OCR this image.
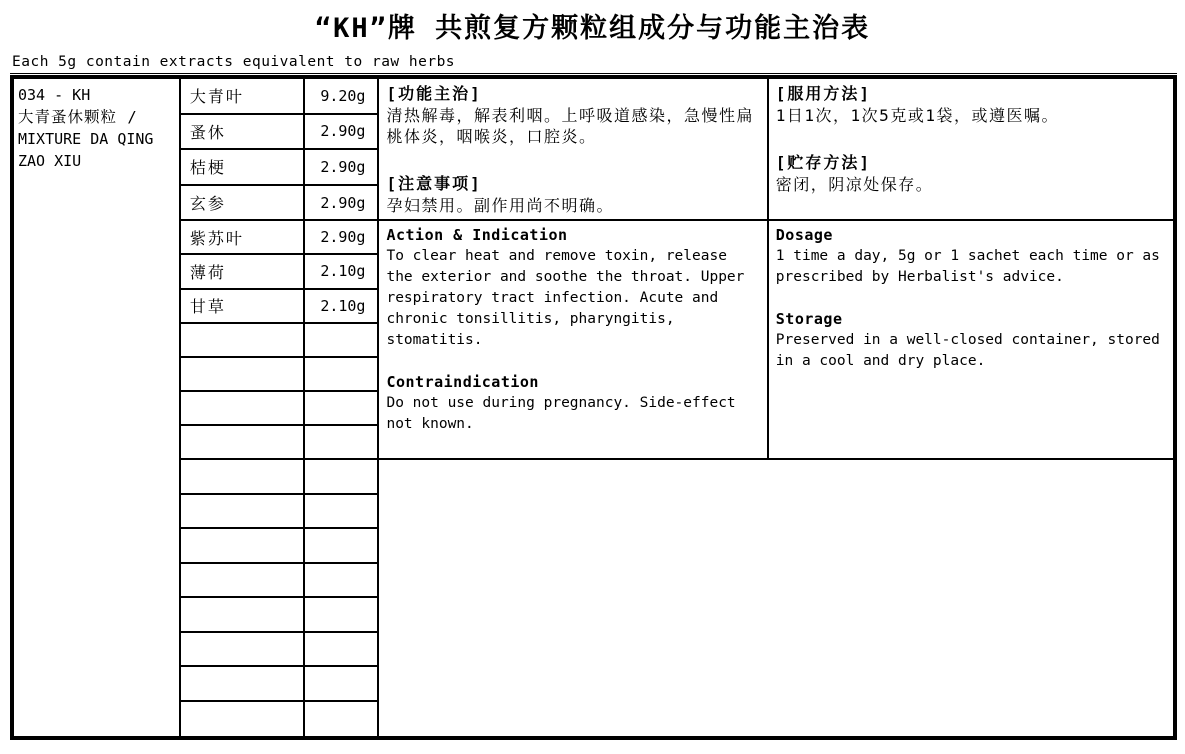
“KH”牌 共煎复方颗粒组成分与功能主治表
Each 5g contain extracts equivalent to raw herbs
034 - KH
大青蚤休颗粒 /
MIXTURE DA QING
ZAO XIU
大青叶	9.20g
蚤休	2.90g
桔梗	2.90g
玄参	2.90g
紫苏叶	2.90g
薄荷	2.10g
甘草	2.10g
[功能主治]
清热解毒，解表利咽。上呼吸道感染，急慢性扁桃体炎，咽喉炎，口腔炎。
[注意事项]
孕妇禁用。副作用尚不明确。
[服用方法]
1日1次，1次5克或1袋，或遵医嘱。
[贮存方法]
密闭，阴凉处保存。
Action & Indication
To clear heat and remove toxin, release the exterior and soothe the throat. Upper respiratory tract infection. Acute and chronic tonsillitis, pharyngitis, stomatitis.
Contraindication
Do not use during pregnancy. Side-effect not known.
Dosage
1 time a day, 5g or 1 sachet each time or as prescribed by Herbalist's advice.
Storage
Preserved in a well-closed container, stored in a cool and dry place.
